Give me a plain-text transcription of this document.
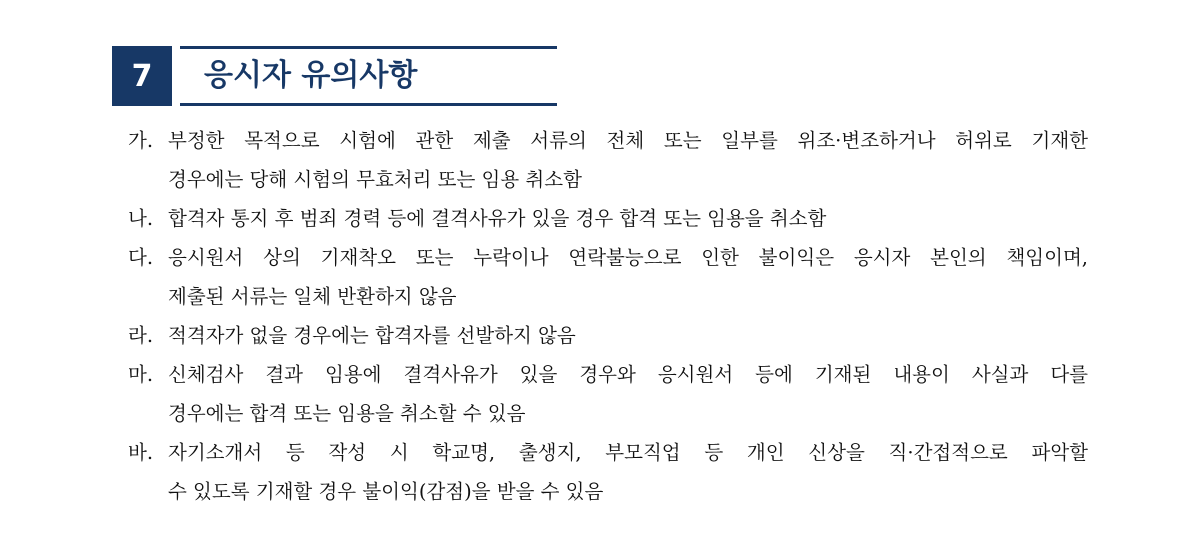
7 응시자 유의사항
가. 부정한 목적으로 시험에 관한 제출 서류의 전체 또는 일부를 위조·변조하거나 허위로 기재한
경우에는 당해 시험의 무효처리 또는 임용 취소함
나. 합격자 통지 후 범죄 경력 등에 결격사유가 있을 경우 합격 또는 임용을 취소함
다. 응시원서 상의 기재착오 또는 누락이나 연락불능으로 인한 불이익은 응시자 본인의 책임이며,
제출된 서류는 일체 반환하지 않음
라. 적격자가 없을 경우에는 합격자를 선발하지 않음
마. 신체검사 결과 임용에 결격사유가 있을 경우와 응시원서 등에 기재된 내용이 사실과 다를
경우에는 합격 또는 임용을 취소할 수 있음
바. 자기소개서 등 작성 시 학교명, 출생지, 부모직업 등 개인 신상을 직·간접적으로 파악할
수 있도록 기재할 경우 불이익(감점)을 받을 수 있음
